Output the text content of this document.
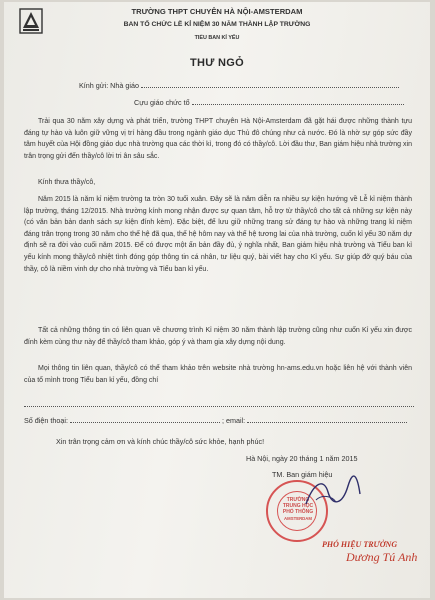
TRƯỜNG THPT CHUYÊN HÀ NỘI-AMSTERDAM
BAN TỔ CHỨC LỄ KỈ NIỆM 30 NĂM THÀNH LẬP TRƯỜNG
TIỂU BAN KỈ YẾU
THƯ NGỎ
Kính gửi: Nhà giáo
Cựu giáo chức tổ
Trải qua 30 năm xây dựng và phát triển, trường THPT chuyên Hà Nội-Amsterdam đã gặt hái được những thành tựu đáng tự hào và luôn giữ vững vị trí hàng đầu trong ngành giáo dục Thủ đô chúng như cả nước. Đó là nhờ sự góp sức đầy tâm huyết của Hội đồng giáo dục nhà trường qua các thời kì, trong đó có thầy/cô. Lời đầu thư, Ban giám hiệu nhà trường xin trân trọng gửi đến thầy/cô lời tri ân sâu sắc.
Kính thưa thầy/cô,
Năm 2015 là năm kỉ niệm trường ta tròn 30 tuổi xuân. Đây sẽ là năm diễn ra nhiều sự kiện hướng về Lễ kỉ niệm thành lập trường, tháng 12/2015. Nhà trường kính mong nhận được sự quan tâm, hỗ trợ từ thầy/cô cho tất cả những sự kiện này (có văn bản bản danh sách sự kiện đính kèm). Đặc biệt, để lưu giữ những trang sử đáng tự hào và những trang kỉ niệm đáng trân trọng trong 30 năm cho thế hệ đã qua, thế hệ hôm nay và thế hệ tương lai của nhà trường, cuốn kỉ yếu 30 năm dự định sẽ ra đời vào cuối năm 2015. Để có được một ấn bản đầy đủ, ý nghĩa nhất, Ban giám hiệu nhà trường và Tiểu ban kỉ yếu kính mong thầy/cô nhiệt tình đóng góp thông tin cá nhân, tư liệu quý, bài viết hay cho Kỉ yếu. Sự giúp đỡ quý báu của thầy, cô là niềm vinh dự cho nhà trường và Tiểu ban kỉ yếu.
Tất cả những thông tin có liên quan về chương trình Kỉ niệm 30 năm thành lập trường cũng như cuốn Kỉ yếu xin được đính kèm cùng thư này để thầy/cô tham khảo, góp ý và tham gia xây dựng nội dung.
Mọi thông tin liên quan, thầy/cô có thể tham khảo trên website nhà trường hn-ams.edu.vn hoặc liên hệ với thành viên của tổ mình trong Tiểu ban kỉ yếu, đồng chí
Số điện thoại:	; email:
Xin trân trọng cảm ơn và kính chúc thầy/cô sức khỏe, hạnh phúc!
Hà Nội, ngày 20 tháng 1 năm 2015
TM. Ban giám hiệu
TRƯỜNG
TRUNG HỌC
PHỔ THÔNG
AMSTERDAM
PHÓ HIỆU TRƯỞNG
Dương Tú Anh
